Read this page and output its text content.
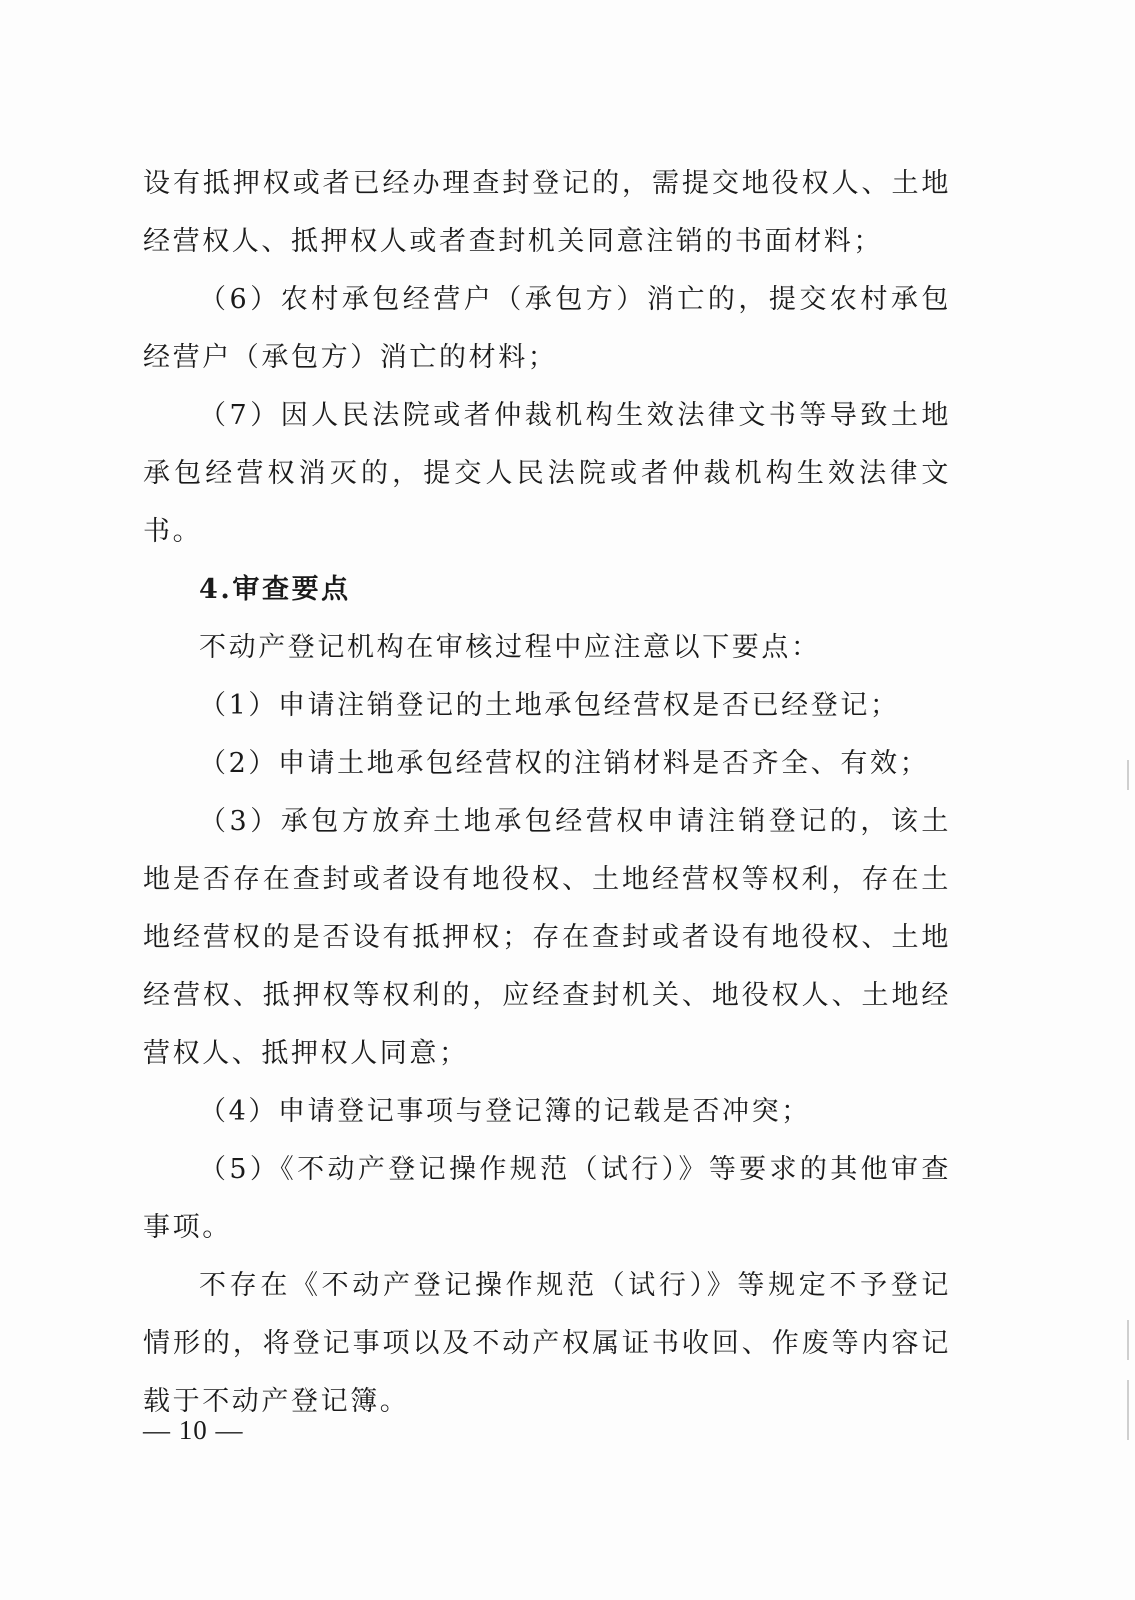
设有抵押权或者已经办理查封登记的，需提交地役权人、土地经营权人、抵押权人或者查封机关同意注销的书面材料；

（6）农村承包经营户（承包方）消亡的，提交农村承包经营户（承包方）消亡的材料；

（7）因人民法院或者仲裁机构生效法律文书等导致土地承包经营权消灭的，提交人民法院或者仲裁机构生效法律文书。

4.审查要点

不动产登记机构在审核过程中应注意以下要点：

（1）申请注销登记的土地承包经营权是否已经登记；

（2）申请土地承包经营权的注销材料是否齐全、有效；

（3）承包方放弃土地承包经营权申请注销登记的，该土地是否存在查封或者设有地役权、土地经营权等权利，存在土地经营权的是否设有抵押权；存在查封或者设有地役权、土地经营权、抵押权等权利的，应经查封机关、地役权人、土地经营权人、抵押权人同意；

（4）申请登记事项与登记簿的记载是否冲突；

（5）《不动产登记操作规范（试行）》等要求的其他审查事项。

不存在《不动产登记操作规范（试行）》等规定不予登记情形的，将登记事项以及不动产权属证书收回、作废等内容记载于不动产登记簿。

— 10 —
